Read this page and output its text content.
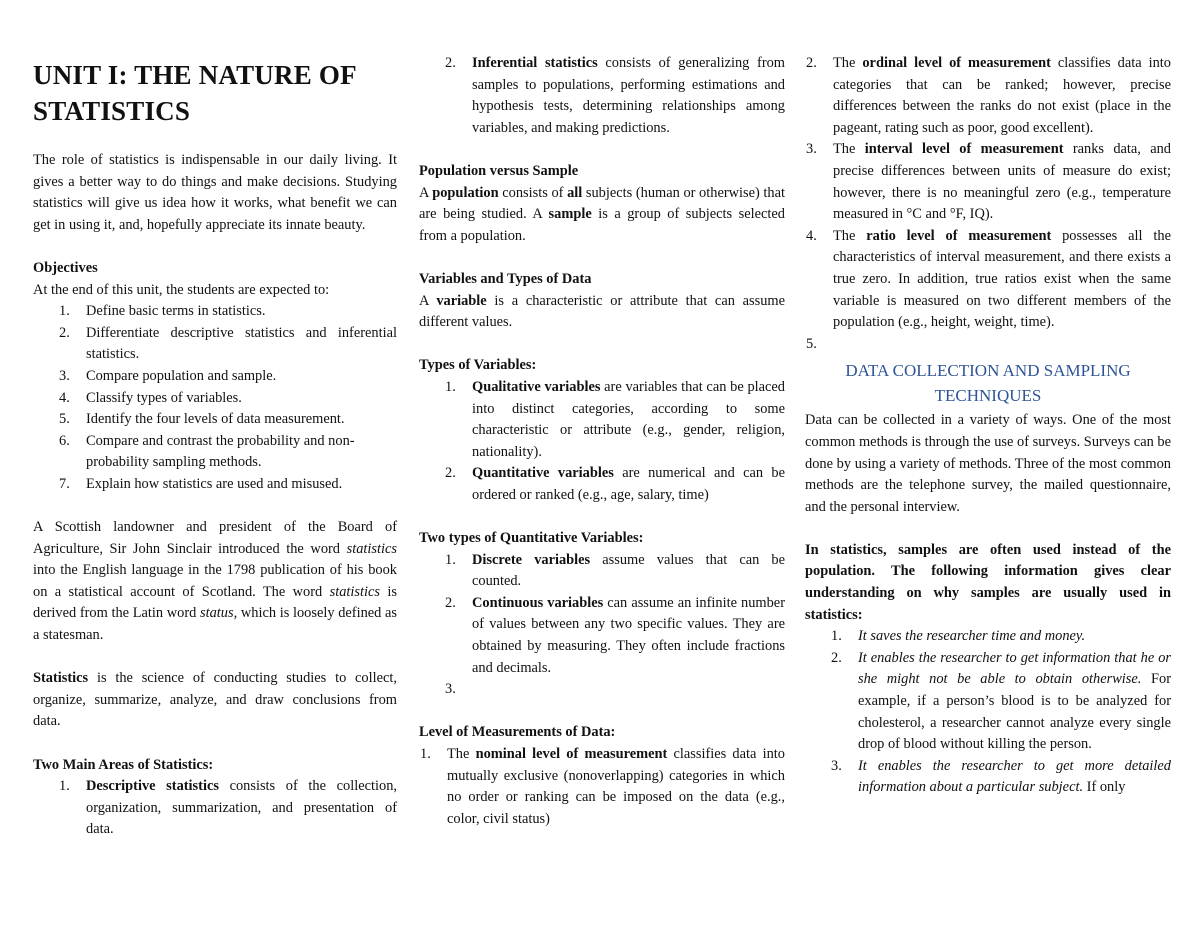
UNIT I: THE NATURE OF
STATISTICS

The role of statistics is indispensable in our daily living. It gives a better way to do things and make decisions. Studying statistics will give us idea how it works, what benefit we can get in using it, and, hopefully appreciate its innate beauty.

Objectives

At the end of this unit, the students are expected to:

1. Define basic terms in statistics.
2. Differentiate descriptive statistics and inferential statistics.
3. Compare population and sample.
4. Classify types of variables.
5. Identify the four levels of data measurement.
6. Compare and contrast the probability and non-probability sampling methods.
7. Explain how statistics are used and misused.

A Scottish landowner and president of the Board of Agriculture, Sir John Sinclair introduced the word statistics into the English language in the 1798 publication of his book on a statistical account of Scotland. The word statistics is derived from the Latin word status, which is loosely defined as a statesman.

Statistics is the science of conducting studies to collect, organize, summarize, analyze, and draw conclusions from data.

Two Main Areas of Statistics:

1. Descriptive statistics consists of the collection, organization, summarization, and presentation of data.
2. Inferential statistics consists of generalizing from samples to populations, performing estimations and hypothesis tests, determining relationships among variables, and making predictions.

Population versus Sample

A population consists of all subjects (human or otherwise) that are being studied. A sample is a group of subjects selected from a population.

Variables and Types of Data

A variable is a characteristic or attribute that can assume different values.

Types of Variables:

1. Qualitative variables are variables that can be placed into distinct categories, according to some characteristic or attribute (e.g., gender, religion, nationality).
2. Quantitative variables are numerical and can be ordered or ranked (e.g., age, salary, time)

Two types of Quantitative Variables:

1. Discrete variables assume values that can be counted.
2. Continuous variables can assume an infinite number of values between any two specific values. They are obtained by measuring. They often include fractions and decimals.
3.

Level of Measurements of Data:

1. The nominal level of measurement classifies data into mutually exclusive (nonoverlapping) categories in which no order or ranking can be imposed on the data (e.g., color, civil status)
2. The ordinal level of measurement classifies data into categories that can be ranked; however, precise differences between the ranks do not exist (place in the pageant, rating such as poor, good excellent).
3. The interval level of measurement ranks data, and precise differences between units of measure do exist; however, there is no meaningful zero (e.g., temperature measured in °C and °F, IQ).
4. The ratio level of measurement possesses all the characteristics of interval measurement, and there exists a true zero. In addition, true ratios exist when the same variable is measured on two different members of the population (e.g., height, weight, time).
5.

DATA COLLECTION AND SAMPLING
TECHNIQUES

Data can be collected in a variety of ways. One of the most common methods is through the use of surveys. Surveys can be done by using a variety of methods. Three of the most common methods are the telephone survey, the mailed questionnaire, and the personal interview.

In statistics, samples are often used instead of the population. The following information gives clear understanding on why samples are usually used in statistics:

1. It saves the researcher time and money.
2. It enables the researcher to get information that he or she might not be able to obtain otherwise. For example, if a person’s blood is to be analyzed for cholesterol, a researcher cannot analyze every single drop of blood without killing the person.
3. It enables the researcher to get more detailed information about a particular subject. If only
